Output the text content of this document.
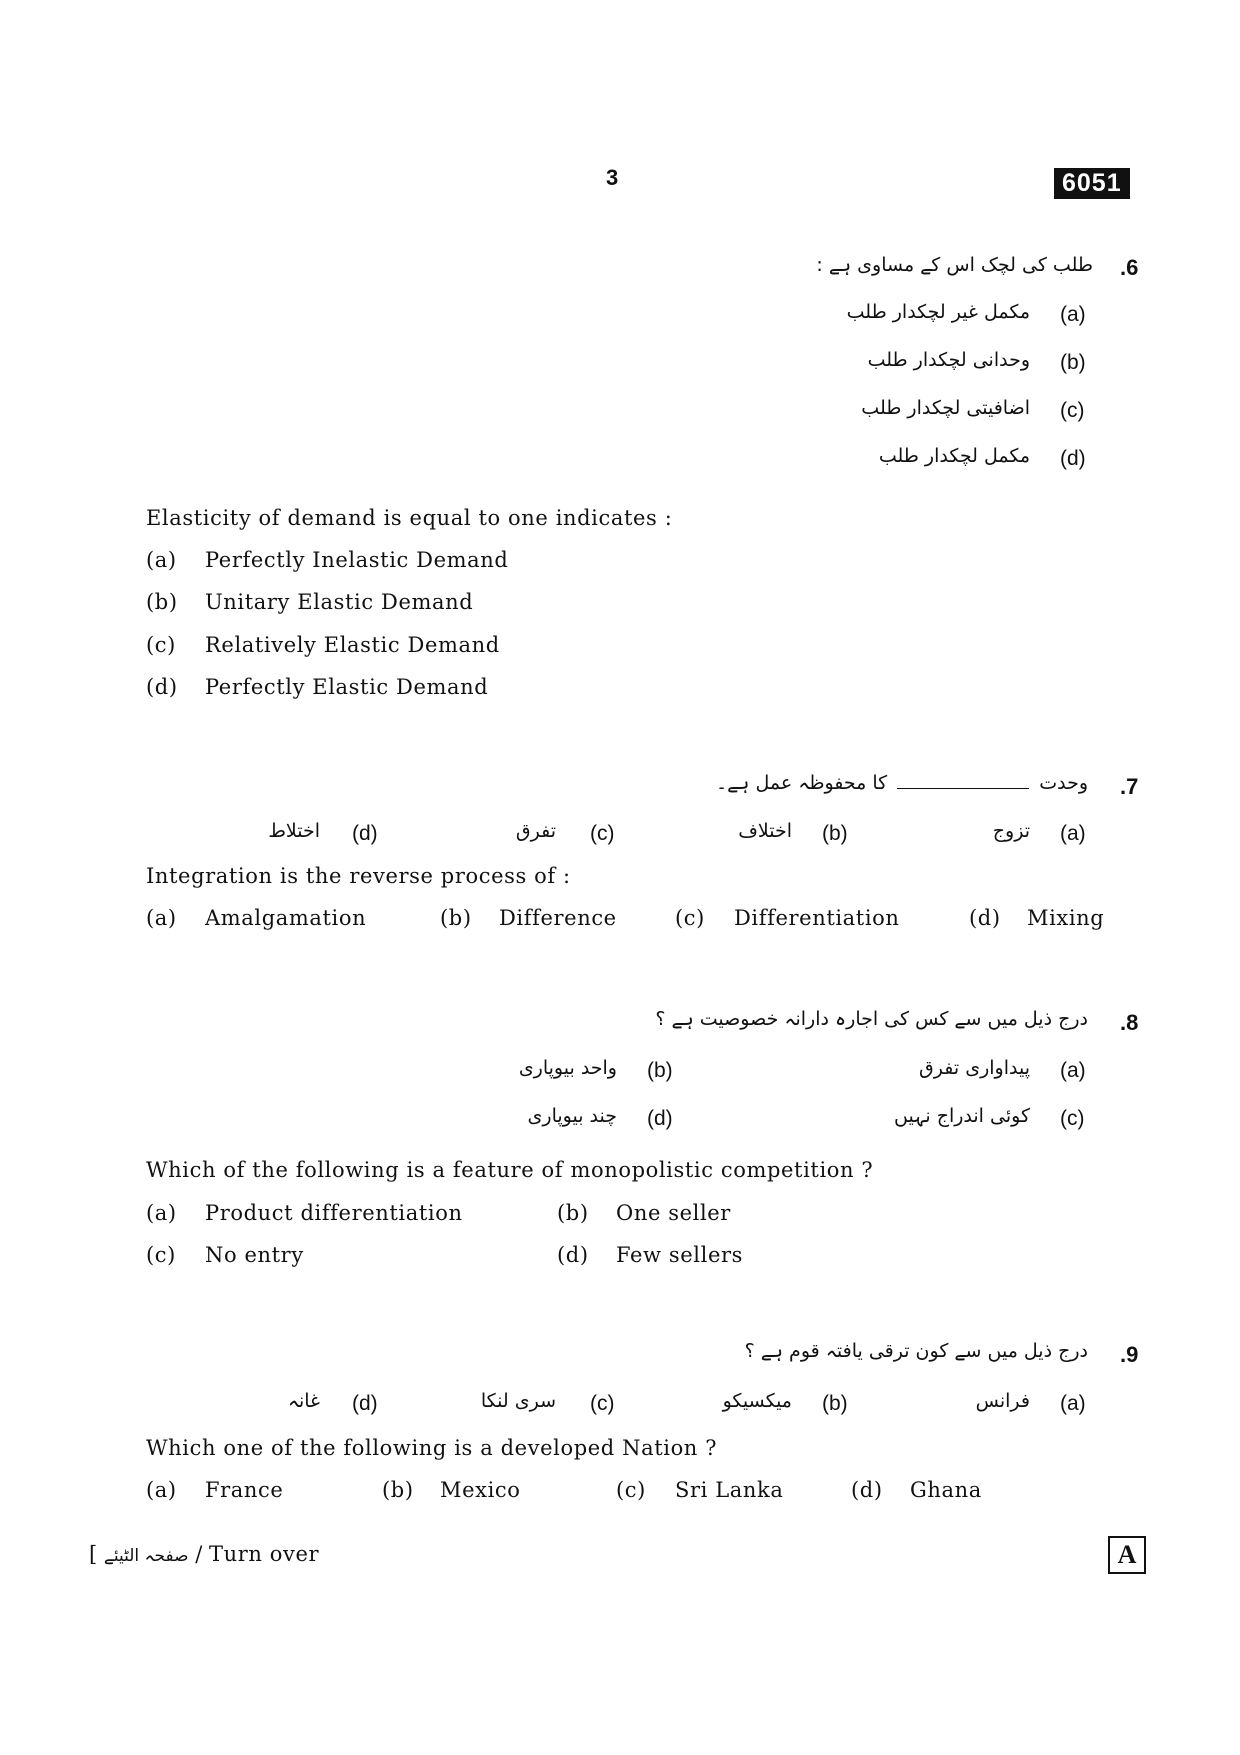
3	6051
.6
طلب کی لچک اس کے مساوی ہے :
(a)
مکمل غیر لچکدار طلب
(b)
وحدانی لچکدار طلب
(c)
اضافیتی لچکدار طلب
(d)
مکمل لچکدار طلب
Elasticity of demand is equal to one indicates :
(a) Perfectly Inelastic Demand
(b) Unitary Elastic Demand
(c) Relatively Elastic Demand
(d) Perfectly Elastic Demand
.7
وحدتکا محفوظہ عمل ہے۔
(a)
تزوج
(b)
اختلاف
(c)
تفرق
(d)
اختلاط
Integration is the reverse process of :
(a) Amalgamation	(b) Difference	(c) Differentiation	(d) Mixing
.8
درج ذیل میں سے کس کی اجارہ دارانہ خصوصیت ہے ؟
(a)
پیداواری تفرق
(b)
واحد بیوپاری
(c)
کوئی اندراج نہیں
(d)
چند بیوپاری
Which of the following is a feature of monopolistic competition ?
(a) Product differentiation	(b) One seller
(c) No entry	(d) Few sellers
.9
درج ذیل میں سے کون ترقی یافتہ قوم ہے ؟
(a)
فرانس
(b)
میکسیکو
(c)
سری لنکا
(d)
غانہ
Which one of the following is a developed Nation ?
(a) France	(b) Mexico	(c) Sri Lanka	(d) Ghana
[ صفحہ الٹیئے / Turn over	A
